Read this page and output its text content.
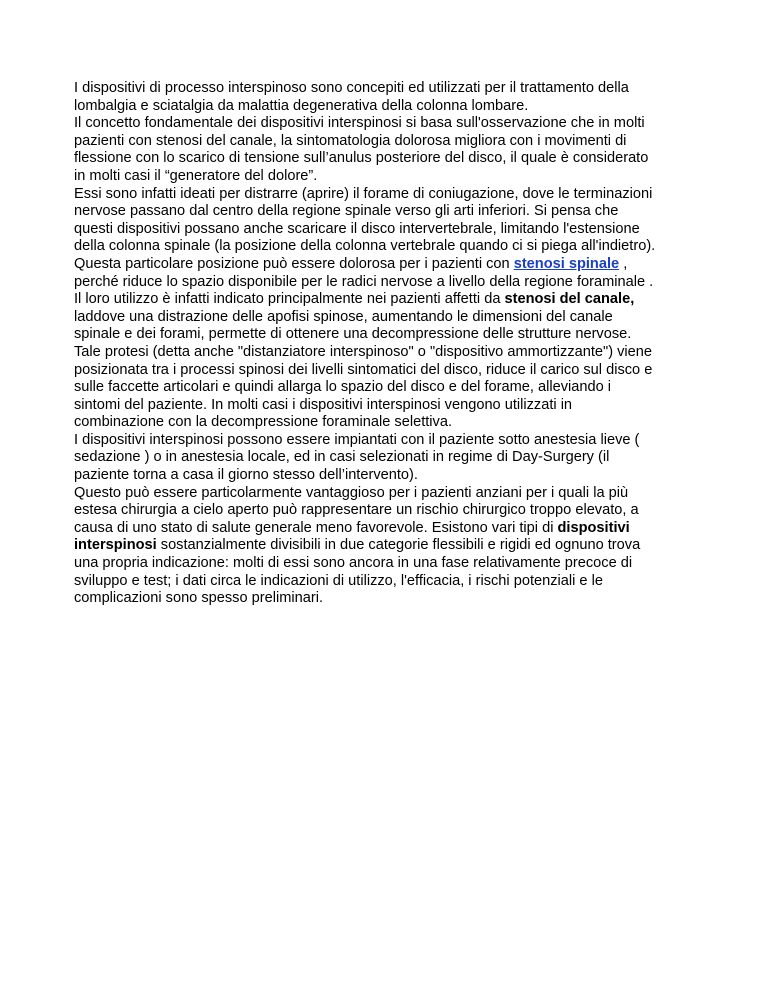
I dispositivi di processo interspinoso sono concepiti ed utilizzati per il trattamento della
lombalgia e sciatalgia da malattia degenerativa della colonna lombare.
Il concetto fondamentale dei dispositivi interspinosi si basa sull'osservazione che in molti
pazienti con stenosi del canale, la sintomatologia dolorosa migliora con i movimenti di
flessione con lo scarico di tensione sull’anulus posteriore del disco, il quale è considerato
in molti casi il “generatore del dolore”.
Essi sono infatti ideati per distrarre (aprire) il forame di coniugazione, dove le terminazioni
nervose passano dal centro della regione spinale verso gli arti inferiori. Si pensa che
questi dispositivi possano anche scaricare il disco intervertebrale, limitando l'estensione
della colonna spinale (la posizione della colonna vertebrale quando ci si piega all'indietro).
Questa particolare posizione può essere dolorosa per i pazienti con stenosi spinale ,
perché riduce lo spazio disponibile per le radici nervose a livello della regione foraminale .
Il loro utilizzo è infatti indicato principalmente nei pazienti affetti da stenosi del canale,
laddove una distrazione delle apofisi spinose, aumentando le dimensioni del canale
spinale e dei forami, permette di ottenere una decompressione delle strutture nervose.
Tale protesi (detta anche "distanziatore interspinoso" o "dispositivo ammortizzante") viene
posizionata tra i processi spinosi dei livelli sintomatici del disco, riduce il carico sul disco e
sulle faccette articolari e quindi allarga lo spazio del disco e del forame, alleviando i
sintomi del paziente. In molti casi i dispositivi interspinosi vengono utilizzati in
combinazione con la decompressione foraminale selettiva.
I dispositivi interspinosi possono essere impiantati con il paziente sotto anestesia lieve (
sedazione ) o in anestesia locale, ed in casi selezionati in regime di Day-Surgery (il
paziente torna a casa il giorno stesso dell’intervento).
Questo può essere particolarmente vantaggioso per i pazienti anziani per i quali la più
estesa chirurgia a cielo aperto può rappresentare un rischio chirurgico troppo elevato, a
causa di uno stato di salute generale meno favorevole. Esistono vari tipi di dispositivi
interspinosi sostanzialmente divisibili in due categorie flessibili e rigidi ed ognuno trova
una propria indicazione: molti di essi sono ancora in una fase relativamente precoce di
sviluppo e test; i dati circa le indicazioni di utilizzo, l'efficacia, i rischi potenziali e le
complicazioni sono spesso preliminari.
